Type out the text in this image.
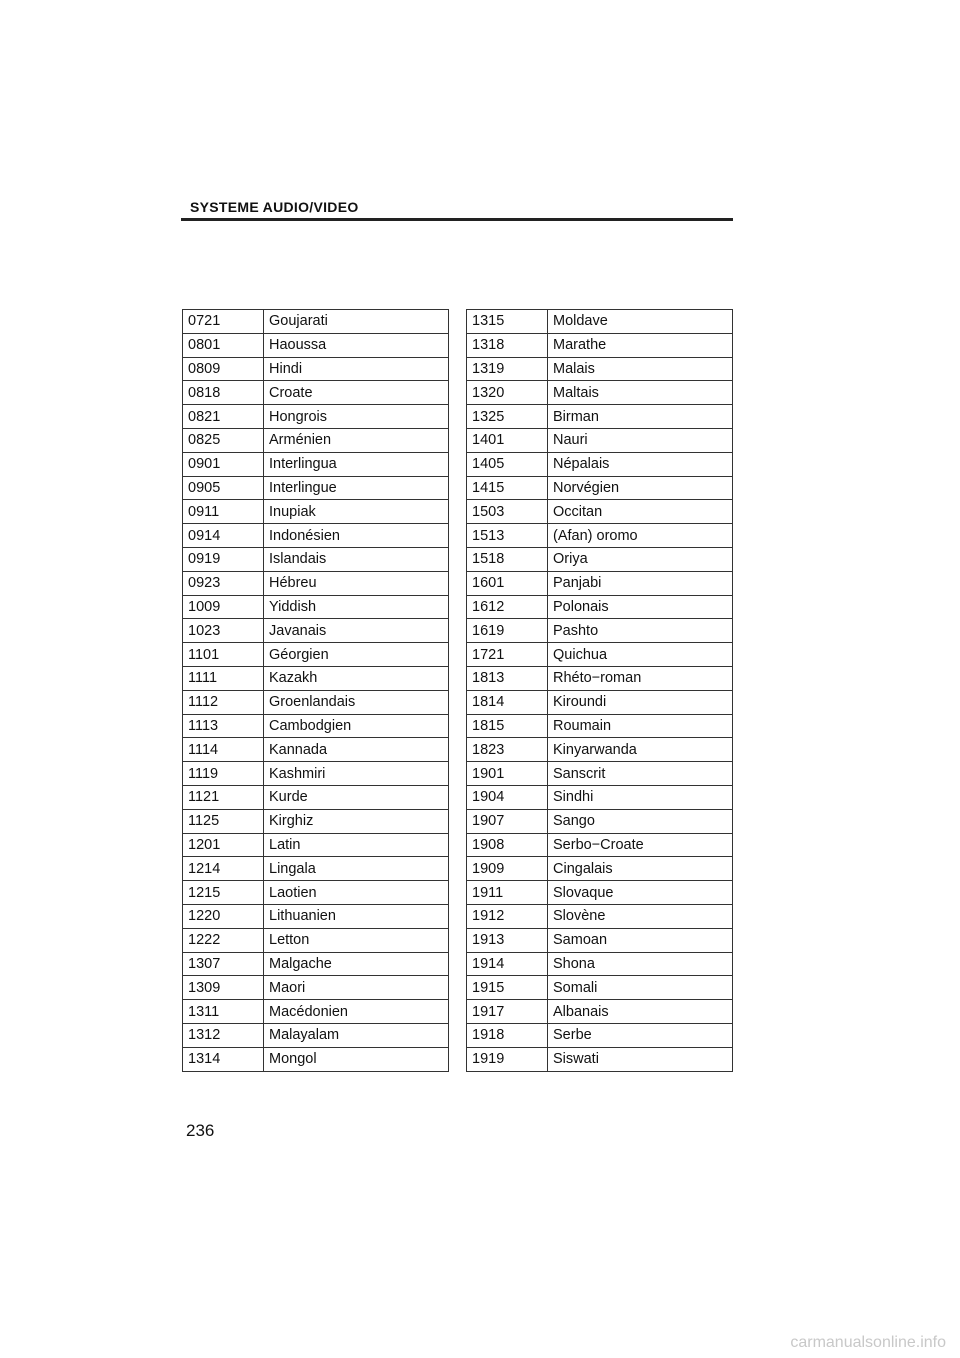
SYSTEME AUDIO/VIDEO
0721	Goujarati
0801	Haoussa
0809	Hindi
0818	Croate
0821	Hongrois
0825	Arménien
0901	Interlingua
0905	Interlingue
0911	Inupiak
0914	Indonésien
0919	Islandais
0923	Hébreu
1009	Yiddish
1023	Javanais
1101	Géorgien
1111	Kazakh
1112	Groenlandais
1113	Cambodgien
1114	Kannada
1119	Kashmiri
1121	Kurde
1125	Kirghiz
1201	Latin
1214	Lingala
1215	Laotien
1220	Lithuanien
1222	Letton
1307	Malgache
1309	Maori
1311	Macédonien
1312	Malayalam
1314	Mongol
1315	Moldave
1318	Marathe
1319	Malais
1320	Maltais
1325	Birman
1401	Nauri
1405	Népalais
1415	Norvégien
1503	Occitan
1513	(Afan) oromo
1518	Oriya
1601	Panjabi
1612	Polonais
1619	Pashto
1721	Quichua
1813	Rhéto−roman
1814	Kiroundi
1815	Roumain
1823	Kinyarwanda
1901	Sanscrit
1904	Sindhi
1907	Sango
1908	Serbo−Croate
1909	Cingalais
1911	Slovaque
1912	Slovène
1913	Samoan
1914	Shona
1915	Somali
1917	Albanais
1918	Serbe
1919	Siswati
236
carmanualsonline.info
